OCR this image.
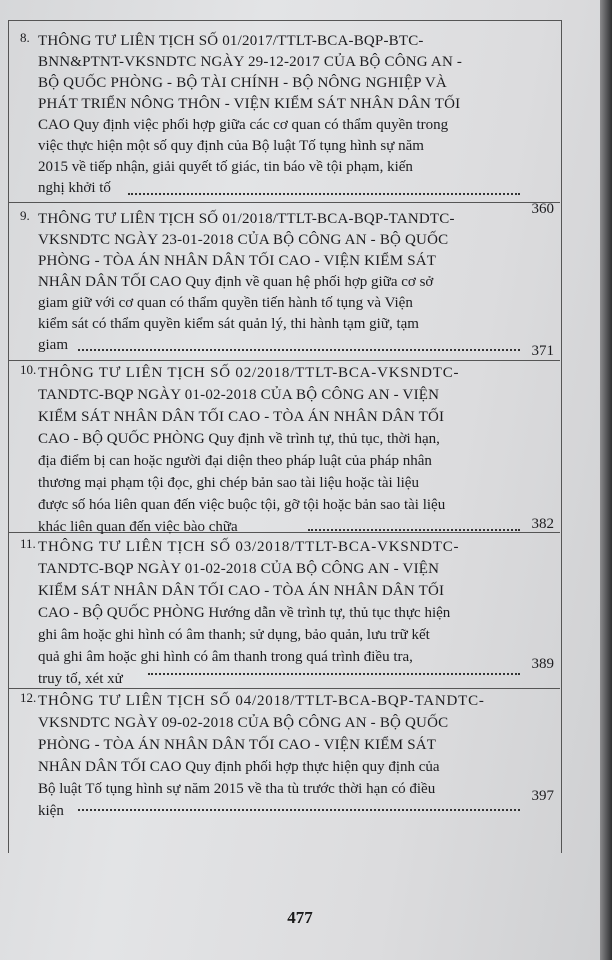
8. THÔNG TƯ LIÊN TỊCH SỐ 01/2017/TTLT-BCA-BQP-BTC-
BNN&PTNT-VKSNDTC NGÀY 29-12-2017 CỦA BỘ CÔNG AN -
BỘ QUỐC PHÒNG - BỘ TÀI CHÍNH - BỘ NÔNG NGHIỆP VÀ
PHÁT TRIỂN NÔNG THÔN - VIỆN KIỂM SÁT NHÂN DÂN TỐI
CAO Quy định việc phối hợp giữa các cơ quan có thẩm quyền trong
việc thực hiện một số quy định của Bộ luật Tố tụng hình sự năm
2015 về tiếp nhận, giải quyết tố giác, tin báo về tội phạm, kiến
nghị khởi tố
360
9. THÔNG TƯ LIÊN TỊCH SỐ 01/2018/TTLT-BCA-BQP-TANDTC-
VKSNDTC NGÀY 23-01-2018 CỦA BỘ CÔNG AN - BỘ QUỐC
PHÒNG - TÒA ÁN NHÂN DÂN TỐI CAO - VIỆN KIỂM SÁT
NHÂN DÂN TỐI CAO Quy định về quan hệ phối hợp giữa cơ sở
giam giữ với cơ quan có thẩm quyền tiến hành tố tụng và Viện
kiểm sát có thẩm quyền kiểm sát quản lý, thi hành tạm giữ, tạm
giam	371
10. THÔNG TƯ LIÊN TỊCH SỐ 02/2018/TTLT-BCA-VKSNDTC-
TANDTC-BQP NGÀY 01-02-2018 CỦA BỘ CÔNG AN - VIỆN
KIỂM SÁT NHÂN DÂN TỐI CAO - TÒA ÁN NHÂN DÂN TỐI
CAO - BỘ QUỐC PHÒNG Quy định về trình tự, thủ tục, thời hạn,
địa điểm bị can hoặc người đại diện theo pháp luật của pháp nhân
thương mại phạm tội đọc, ghi chép bản sao tài liệu hoặc tài liệu
được số hóa liên quan đến việc buộc tội, gỡ tội hoặc bản sao tài liệu
khác liên quan đến việc bào chữa	382
11. THÔNG TƯ LIÊN TỊCH SỐ 03/2018/TTLT-BCA-VKSNDTC-
TANDTC-BQP NGÀY 01-02-2018 CỦA BỘ CÔNG AN - VIỆN
KIỂM SÁT NHÂN DÂN TỐI CAO - TÒA ÁN NHÂN DÂN TỐI
CAO - BỘ QUỐC PHÒNG Hướng dẫn về trình tự, thủ tục thực hiện
ghi âm hoặc ghi hình có âm thanh; sử dụng, bảo quản, lưu trữ kết
quả ghi âm hoặc ghi hình có âm thanh trong quá trình điều tra,
truy tố, xét xử
389
12. THÔNG TƯ LIÊN TỊCH SỐ 04/2018/TTLT-BCA-BQP-TANDTC-
VKSNDTC NGÀY 09-02-2018 CỦA BỘ CÔNG AN - BỘ QUỐC
PHÒNG - TÒA ÁN NHÂN DÂN TỐI CAO - VIỆN KIỂM SÁT
NHÂN DÂN TỐI CAO Quy định phối hợp thực hiện quy định của
Bộ luật Tố tụng hình sự năm 2015 về tha tù trước thời hạn có điều
kiện
397
477
